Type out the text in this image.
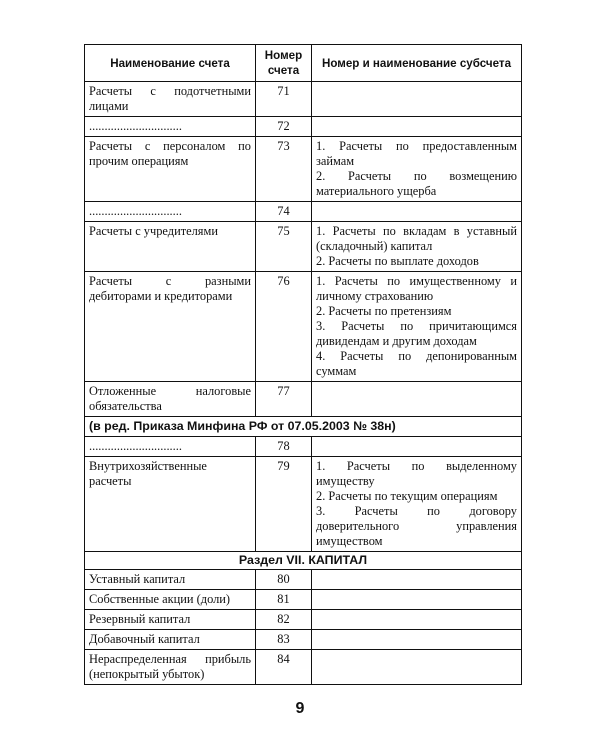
Наименование счета	Номер счета	Номер и наименование субсчета
Расчеты с подотчетными лицами	71	
..............................	72	
Расчеты с персоналом по прочим операциям	73	1. Расчеты по предоставленным займам
2. Расчеты по возмещению материального ущерба

..............................	74	
Расчеты с учредителями	75	1. Расчеты по вкладам в уставный (складочный) капитал
2. Расчеты по выплате доходов

Расчеты с разными дебиторами и кредиторами	76	1. Расчеты по имущественному и личному страхованию
2. Расчеты по претензиям
3. Расчеты по причитающимся дивидендам и другим доходам
4. Расчеты по депонированным суммам

Отложенные налоговые обязательства	77	
(в ред. Приказа Минфина РФ от 07.05.2003 № 38н)		
..............................	78	
Внутрихозяйственные расчеты	79	1. Расчеты по выделенному имуществу
2. Расчеты по текущим операциям
3. Расчеты по договору доверительного управления имуществом

Раздел VII. КАПИТАЛ		
Уставный капитал	80	
Собственные акции (доли)	81	
Резервный капитал	82	
Добавочный капитал	83	
Нераспределенная прибыль (непокрытый убыток)	84	
9
